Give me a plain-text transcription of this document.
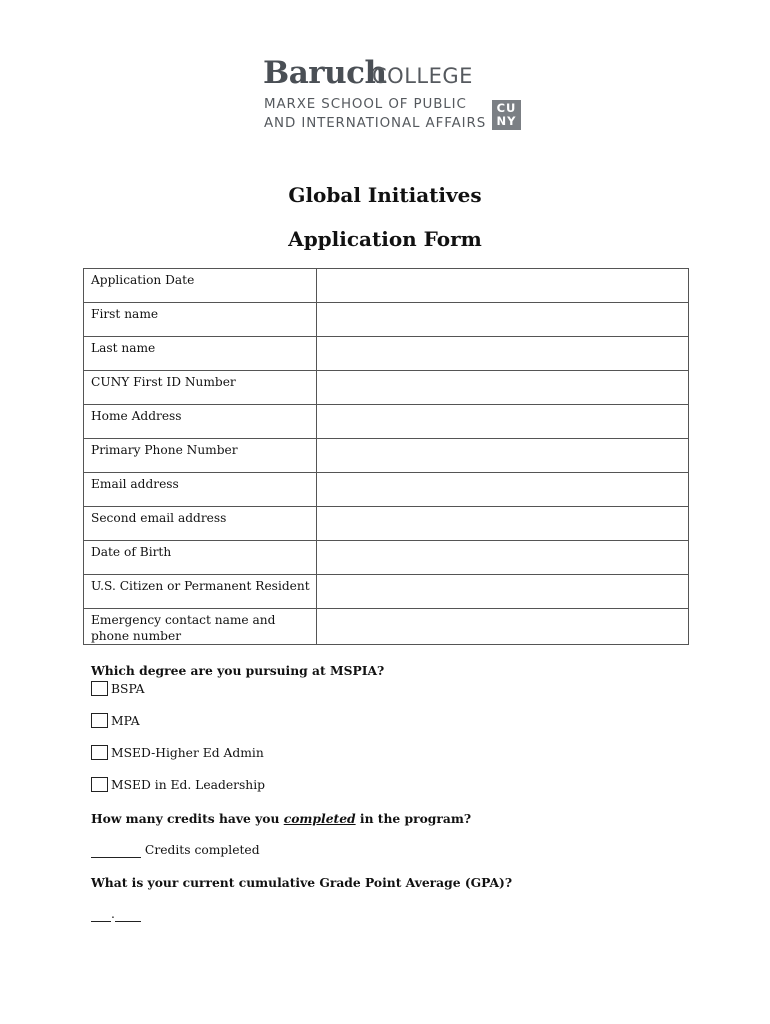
Baruch
COLLEGE
MARXE SCHOOL OF PUBLIC
AND INTERNATIONAL AFFAIRS
CU
NY
Global Initiatives
Application Form
Application Date	
First name	
Last name	
CUNY First ID Number	
Home Address	
Primary Phone Number	
Email address	
Second email address	
Date of Birth	
U.S. Citizen or Permanent Resident	
Emergency contact name and phone number	
Which degree are you pursuing at MSPIA?
BSPA
MPA
MSED-Higher Ed Admin
MSED in Ed. Leadership
How many credits have you completed in the program?
Credits completed
What is your current cumulative Grade Point Average (GPA)?
.
